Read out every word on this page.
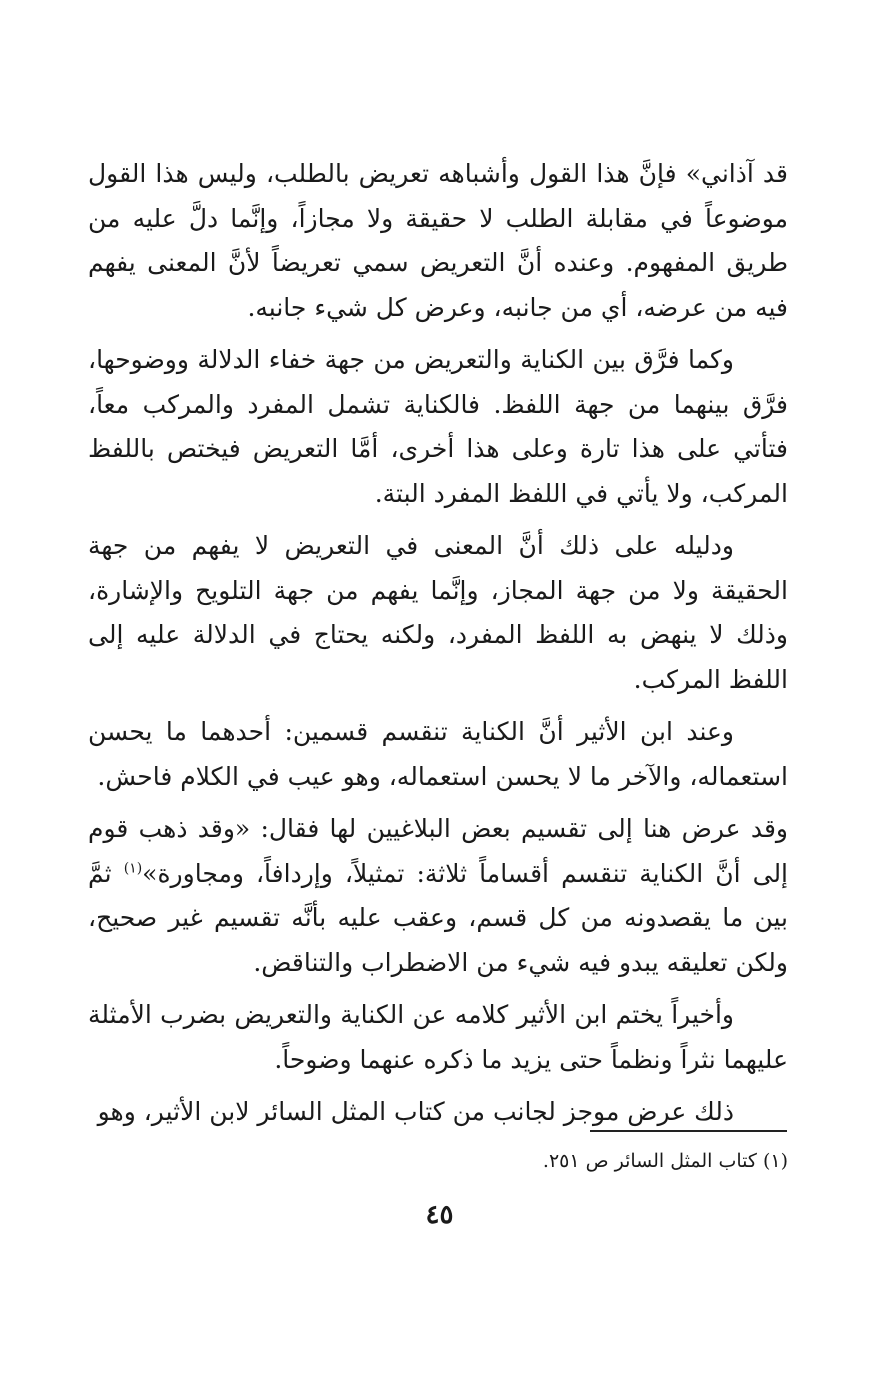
قد آذاني» فإنَّ هذا القول وأشباهه تعريض بالطلب، وليس هذا القول موضوعاً في مقابلة الطلب لا حقيقة ولا مجازاً، وإنَّما دلَّ عليه من طريق المفهوم. وعنده أنَّ التعريض سمي تعريضاً لأنَّ المعنى يفهم فيه من عرضه، أي من جانبه، وعرض كل شيء جانبه.

وكما فرَّق بين الكناية والتعريض من جهة خفاء الدلالة ووضوحها، فرَّق بينهما من جهة اللفظ. فالكناية تشمل المفرد والمركب معاً، فتأتي على هذا تارة وعلى هذا أخرى، أمَّا التعريض فيختص باللفظ المركب، ولا يأتي في اللفظ المفرد البتة.

ودليله على ذلك أنَّ المعنى في التعريض لا يفهم من جهة الحقيقة ولا من جهة المجاز، وإنَّما يفهم من جهة التلويح والإشارة، وذلك لا ينهض به اللفظ المفرد، ولكنه يحتاج في الدلالة عليه إلى اللفظ المركب.

وعند ابن الأثير أنَّ الكناية تنقسم قسمين: أحدهما ما يحسن استعماله، والآخر ما لا يحسن استعماله، وهو عيب في الكلام فاحش.

وقد عرض هنا إلى تقسيم بعض البلاغيين لها فقال: «وقد ذهب قوم إلى أنَّ الكناية تنقسم أقساماً ثلاثة: تمثيلاً، وإردافاً، ومجاورة»$^{(١)}$ ثمَّ بين ما يقصدونه من كل قسم، وعقب عليه بأنَّه تقسيم غير صحيح، ولكن تعليقه يبدو فيه شيء من الاضطراب والتناقض.

وأخيراً يختم ابن الأثير كلامه عن الكناية والتعريض بضرب الأمثلة عليهما نثراً ونظماً حتى يزيد ما ذكره عنهما وضوحاً.

ذلك عرض موجز لجانب من كتاب المثل السائر لابن الأثير، وهو

(١) كتاب المثل السائر ص ٢٥١.
٤٥
